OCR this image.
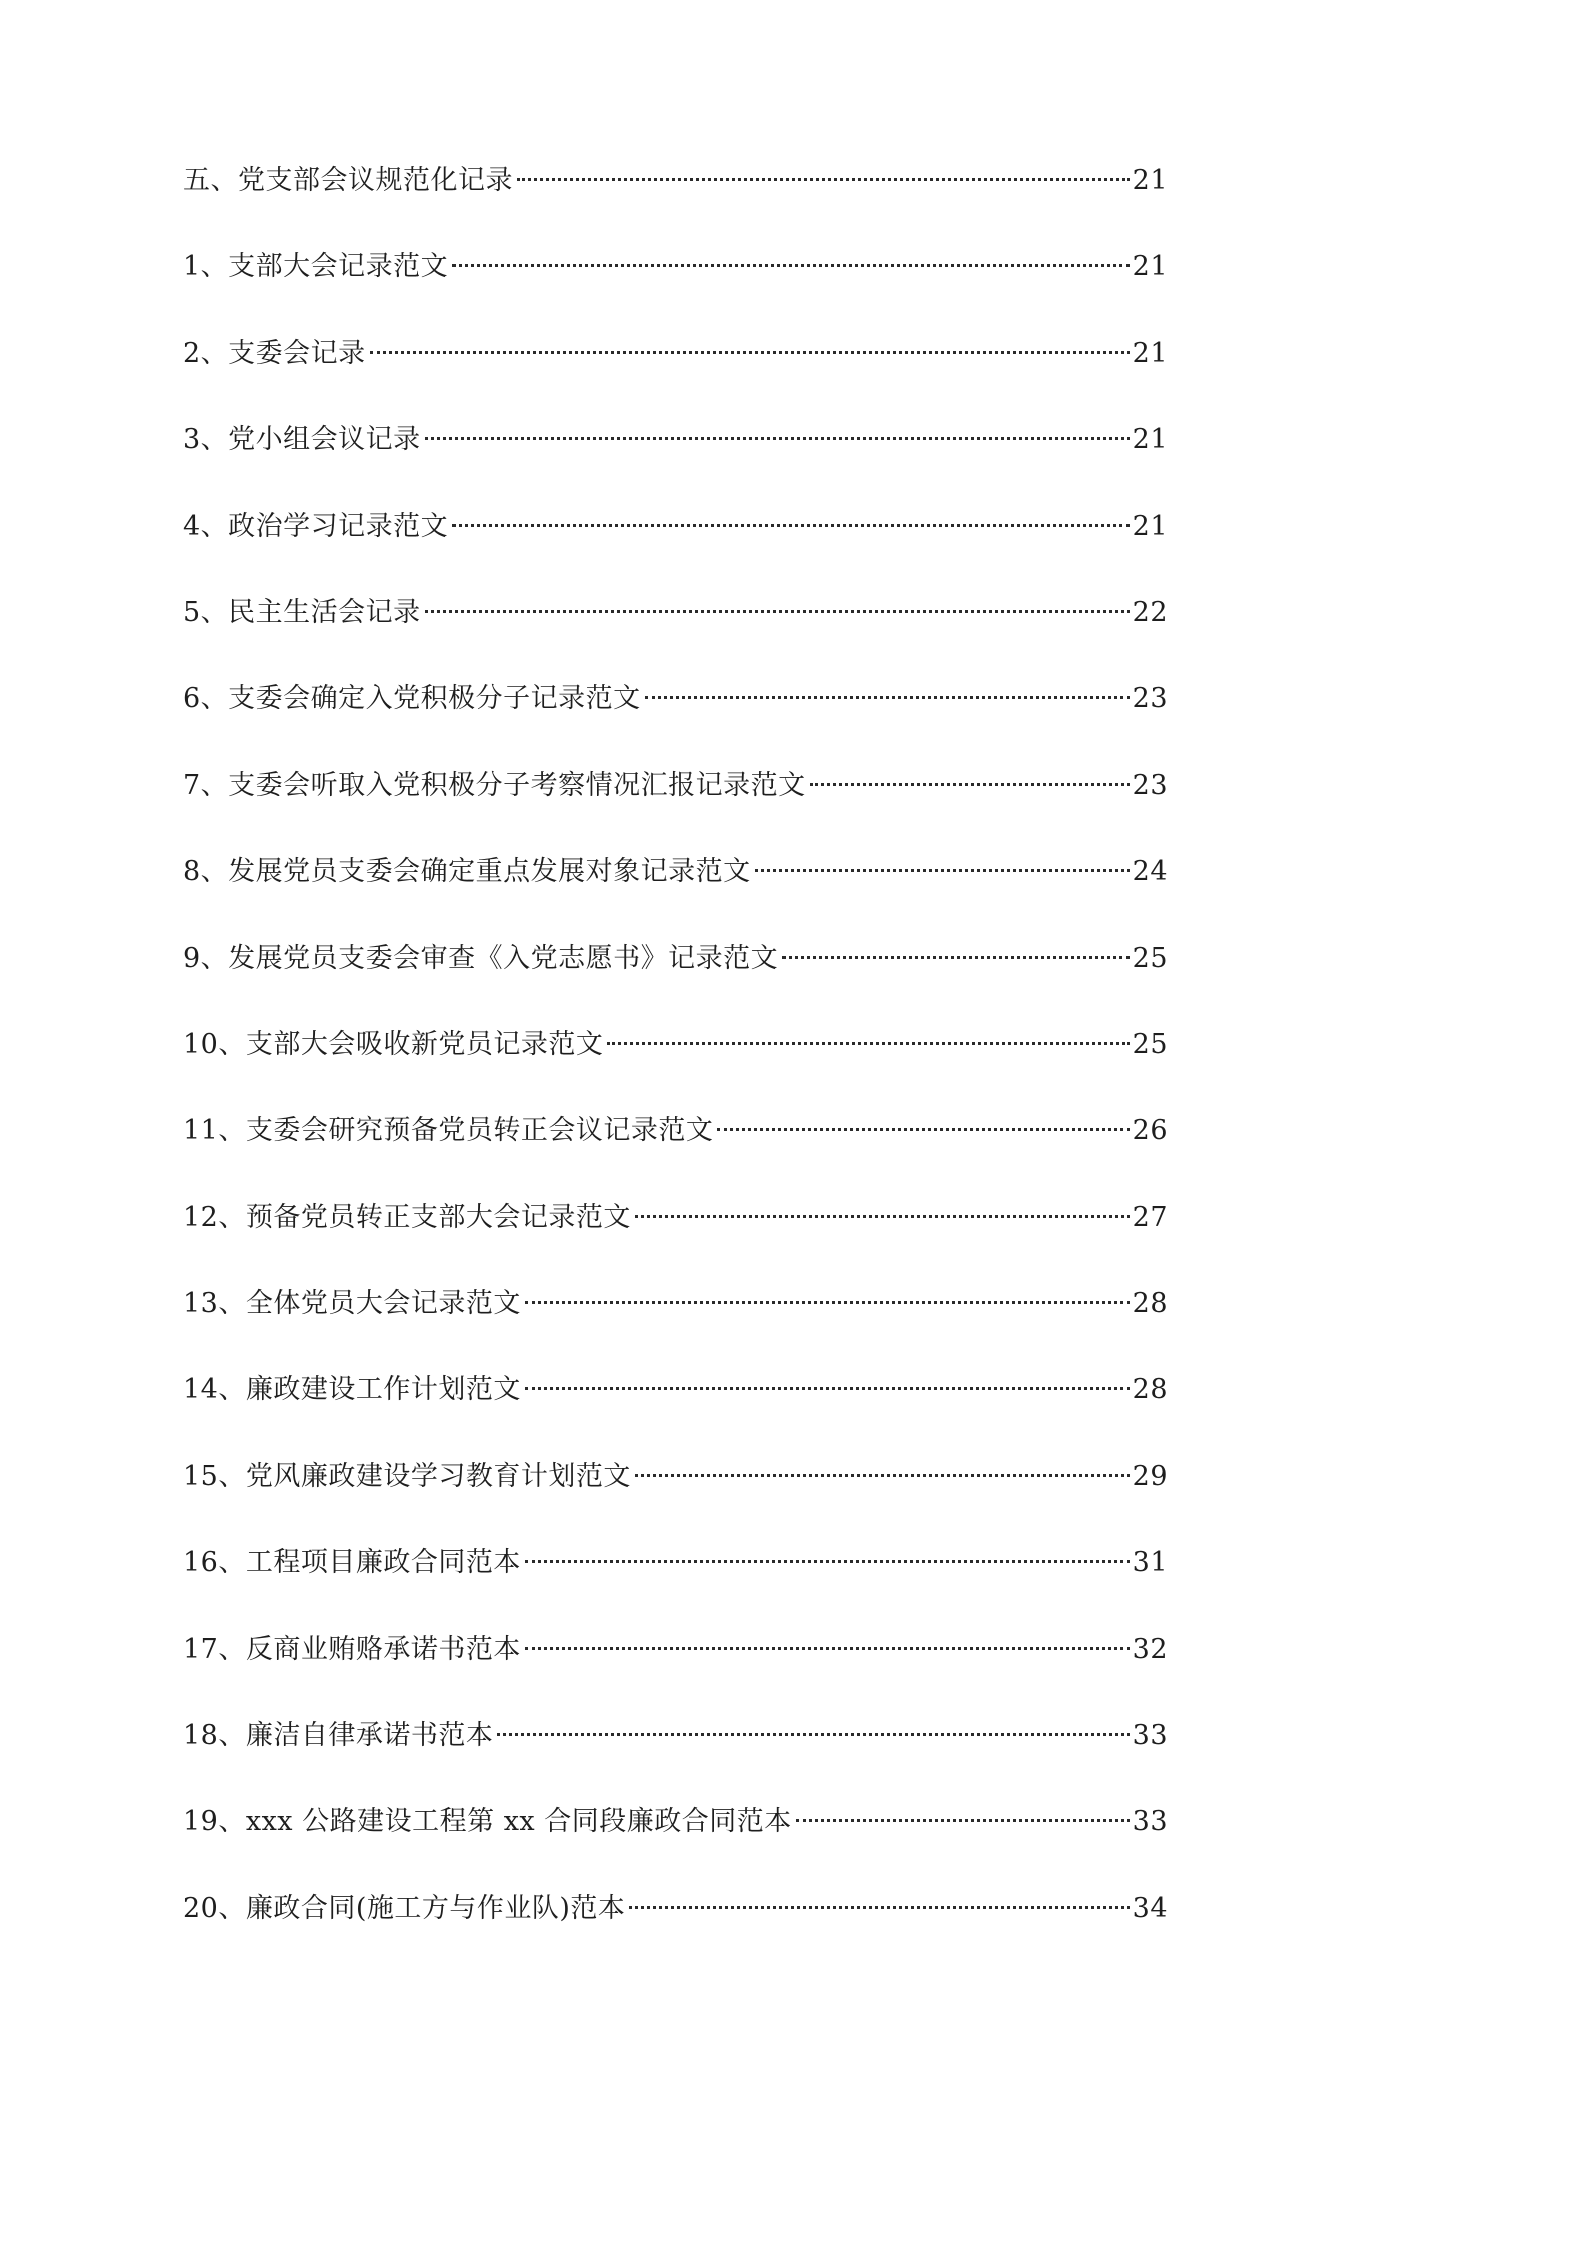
五、党支部会议规范化记录	21
1、支部大会记录范文	21
2、支委会记录	21
3、党小组会议记录	21
4、政治学习记录范文	21
5、民主生活会记录	22
6、支委会确定入党积极分子记录范文	23
7、支委会听取入党积极分子考察情况汇报记录范文	23
8、发展党员支委会确定重点发展对象记录范文	24
9、发展党员支委会审查《入党志愿书》记录范文	25
10、支部大会吸收新党员记录范文	25
11、支委会研究预备党员转正会议记录范文	26
12、预备党员转正支部大会记录范文	27
13、全体党员大会记录范文	28
14、廉政建设工作计划范文	28
15、党风廉政建设学习教育计划范文	29
16、工程项目廉政合同范本	31
17、反商业贿赂承诺书范本	32
18、廉洁自律承诺书范本	33
19、xxx 公路建设工程第 xx 合同段廉政合同范本	33
20、廉政合同(施工方与作业队)范本	34
